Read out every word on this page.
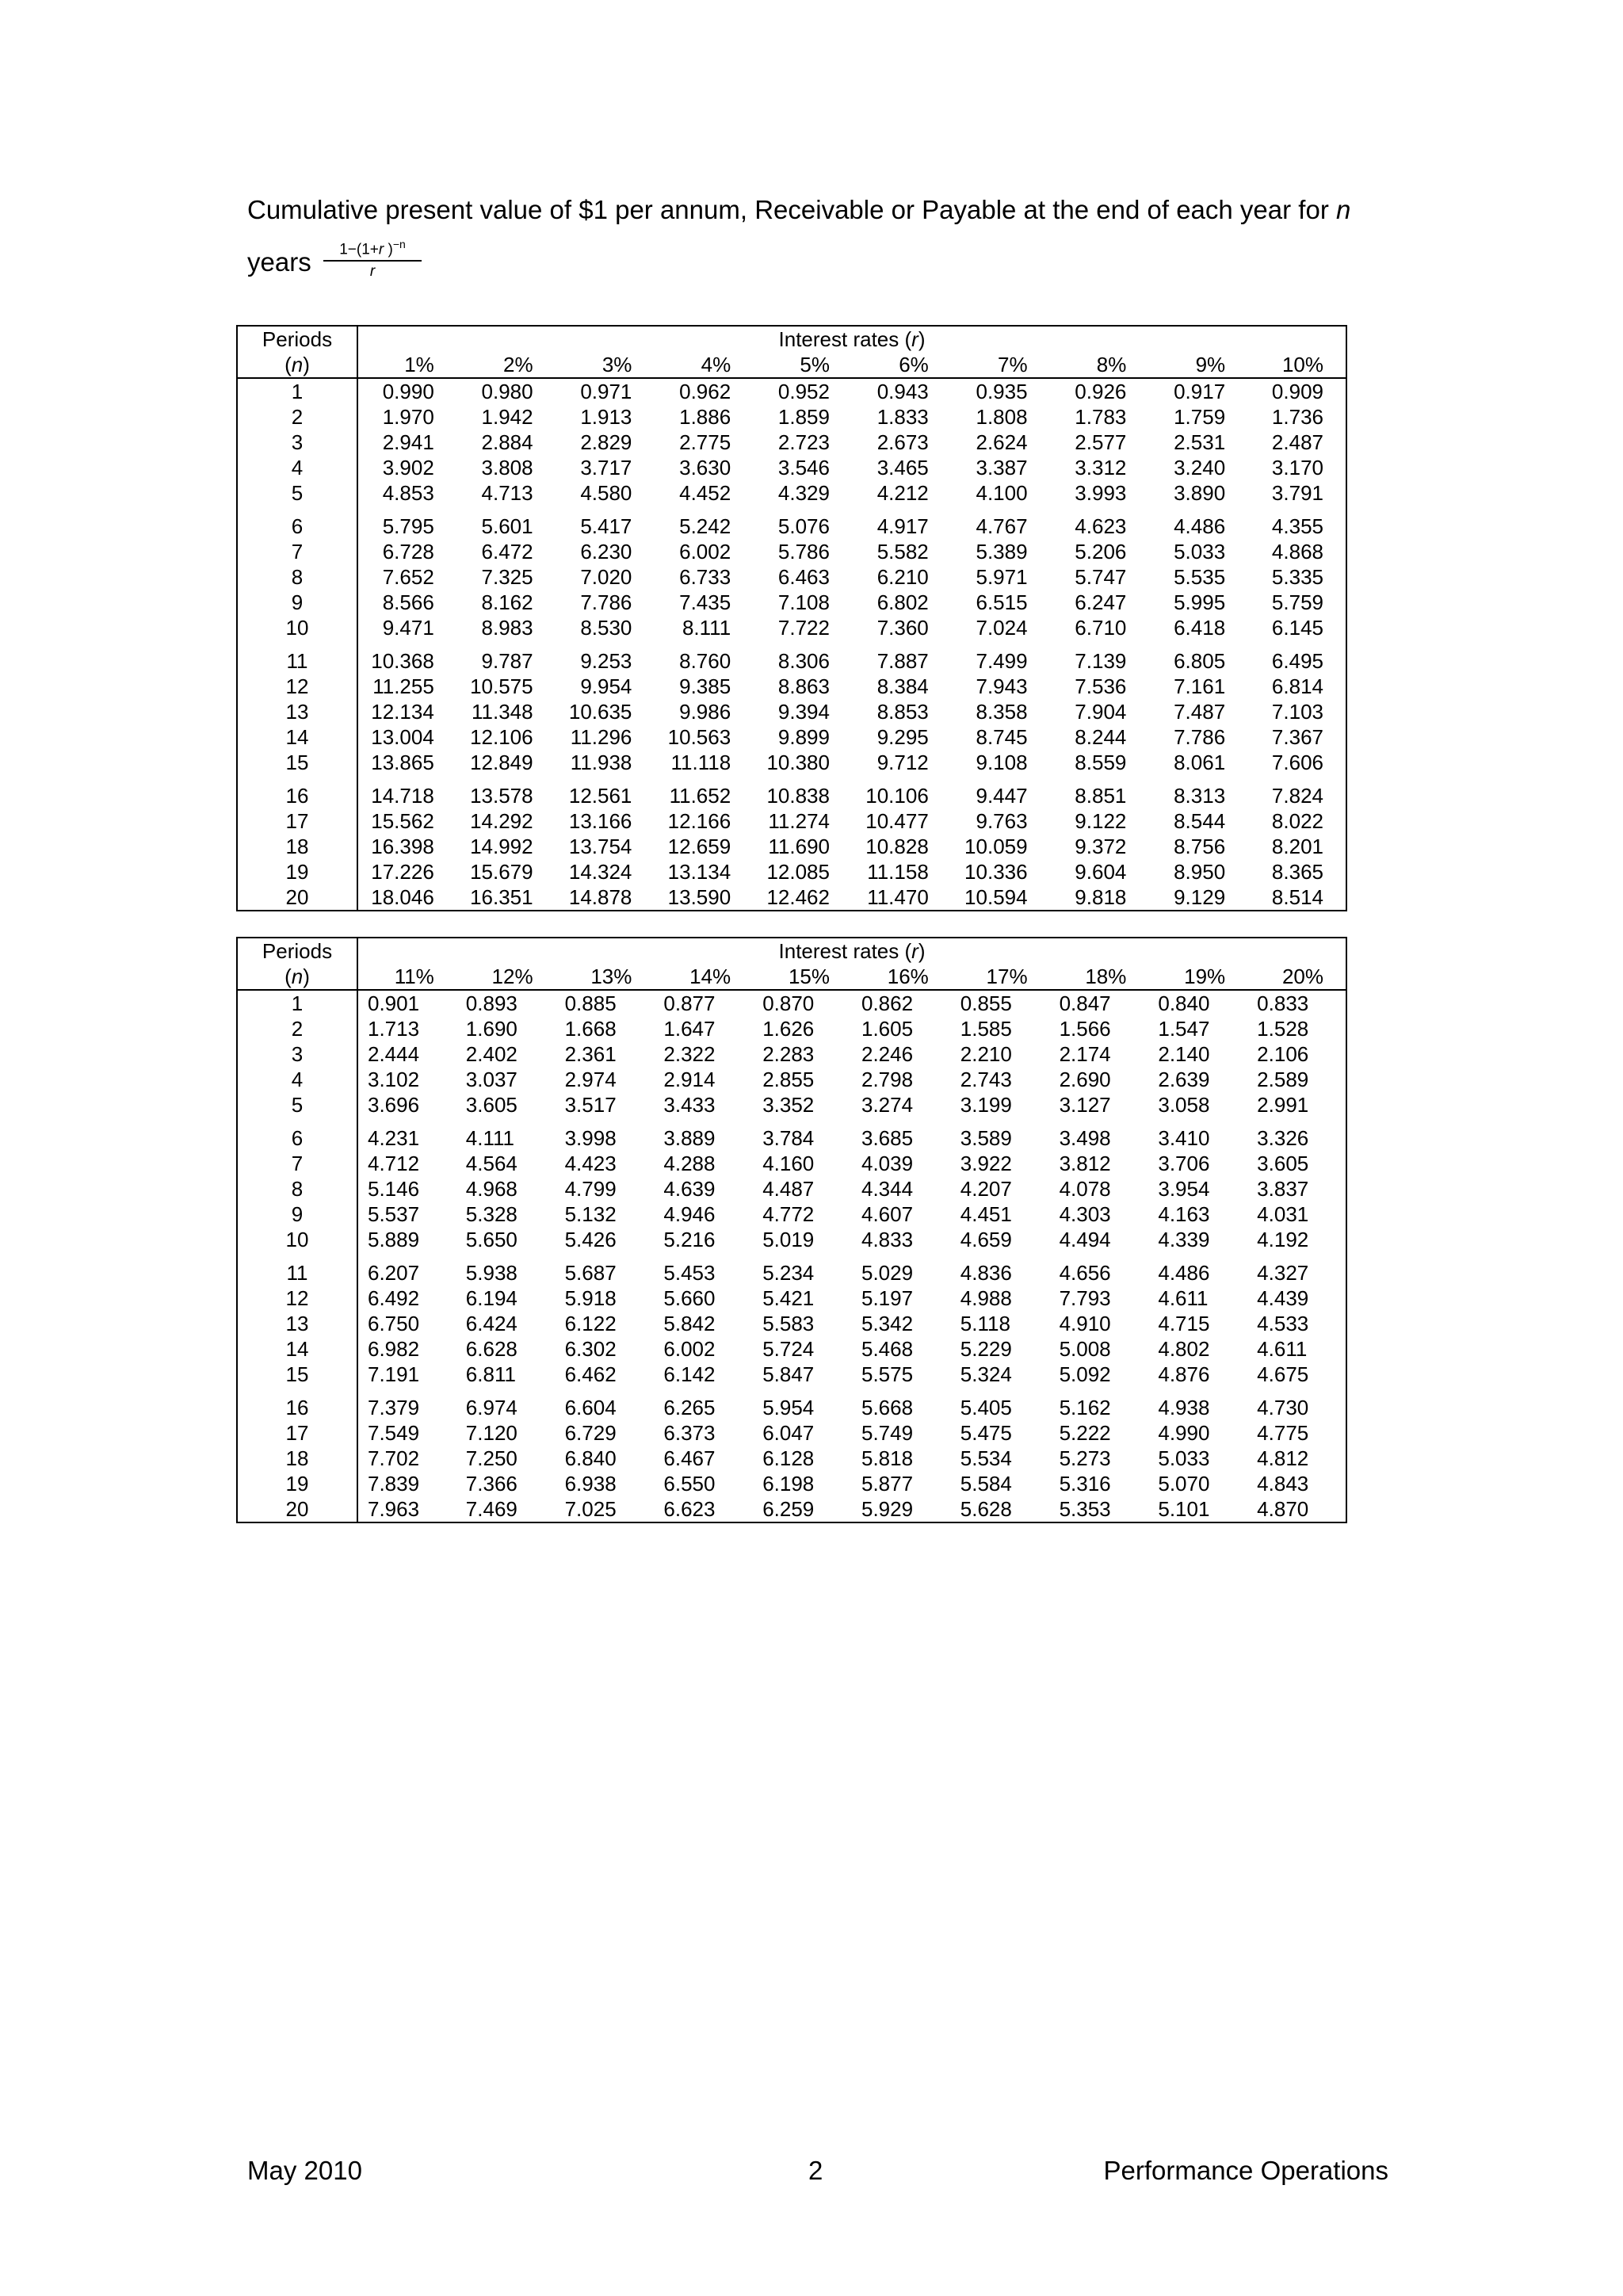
Cumulative present value of $1 per annum, Receivable or Payable at the end of each year for n
years $\frac{1-(1+r )^{-n}}{r}$
Periods	Interest rates (r)									
(n)	1%	2%	3%	4%	5%	6%	7%	8%	9%	10%
1	0.990	0.980	0.971	0.962	0.952	0.943	0.935	0.926	0.917	0.909
2	1.970	1.942	1.913	1.886	1.859	1.833	1.808	1.783	1.759	1.736
3	2.941	2.884	2.829	2.775	2.723	2.673	2.624	2.577	2.531	2.487
4	3.902	3.808	3.717	3.630	3.546	3.465	3.387	3.312	3.240	3.170
5	4.853	4.713	4.580	4.452	4.329	4.212	4.100	3.993	3.890	3.791
6	5.795	5.601	5.417	5.242	5.076	4.917	4.767	4.623	4.486	4.355
7	6.728	6.472	6.230	6.002	5.786	5.582	5.389	5.206	5.033	4.868
8	7.652	7.325	7.020	6.733	6.463	6.210	5.971	5.747	5.535	5.335
9	8.566	8.162	7.786	7.435	7.108	6.802	6.515	6.247	5.995	5.759
10	9.471	8.983	8.530	8.111	7.722	7.360	7.024	6.710	6.418	6.145
11	10.368	9.787	9.253	8.760	8.306	7.887	7.499	7.139	6.805	6.495
12	11.255	10.575	9.954	9.385	8.863	8.384	7.943	7.536	7.161	6.814
13	12.134	11.348	10.635	9.986	9.394	8.853	8.358	7.904	7.487	7.103
14	13.004	12.106	11.296	10.563	9.899	9.295	8.745	8.244	7.786	7.367
15	13.865	12.849	11.938	11.118	10.380	9.712	9.108	8.559	8.061	7.606
16	14.718	13.578	12.561	11.652	10.838	10.106	9.447	8.851	8.313	7.824
17	15.562	14.292	13.166	12.166	11.274	10.477	9.763	9.122	8.544	8.022
18	16.398	14.992	13.754	12.659	11.690	10.828	10.059	9.372	8.756	8.201
19	17.226	15.679	14.324	13.134	12.085	11.158	10.336	9.604	8.950	8.365
20	18.046	16.351	14.878	13.590	12.462	11.470	10.594	9.818	9.129	8.514
Periods	Interest rates (r)									
(n)	11%	12%	13%	14%	15%	16%	17%	18%	19%	20%
1	0.901	0.893	0.885	0.877	0.870	0.862	0.855	0.847	0.840	0.833
2	1.713	1.690	1.668	1.647	1.626	1.605	1.585	1.566	1.547	1.528
3	2.444	2.402	2.361	2.322	2.283	2.246	2.210	2.174	2.140	2.106
4	3.102	3.037	2.974	2.914	2.855	2.798	2.743	2.690	2.639	2.589
5	3.696	3.605	3.517	3.433	3.352	3.274	3.199	3.127	3.058	2.991
6	4.231	4.111	3.998	3.889	3.784	3.685	3.589	3.498	3.410	3.326
7	4.712	4.564	4.423	4.288	4.160	4.039	3.922	3.812	3.706	3.605
8	5.146	4.968	4.799	4.639	4.487	4.344	4.207	4.078	3.954	3.837
9	5.537	5.328	5.132	4.946	4.772	4.607	4.451	4.303	4.163	4.031
10	5.889	5.650	5.426	5.216	5.019	4.833	4.659	4.494	4.339	4.192
11	6.207	5.938	5.687	5.453	5.234	5.029	4.836	4.656	4.486	4.327
12	6.492	6.194	5.918	5.660	5.421	5.197	4.988	7.793	4.611	4.439
13	6.750	6.424	6.122	5.842	5.583	5.342	5.118	4.910	4.715	4.533
14	6.982	6.628	6.302	6.002	5.724	5.468	5.229	5.008	4.802	4.611
15	7.191	6.811	6.462	6.142	5.847	5.575	5.324	5.092	4.876	4.675
16	7.379	6.974	6.604	6.265	5.954	5.668	5.405	5.162	4.938	4.730
17	7.549	7.120	6.729	6.373	6.047	5.749	5.475	5.222	4.990	4.775
18	7.702	7.250	6.840	6.467	6.128	5.818	5.534	5.273	5.033	4.812
19	7.839	7.366	6.938	6.550	6.198	5.877	5.584	5.316	5.070	4.843
20	7.963	7.469	7.025	6.623	6.259	5.929	5.628	5.353	5.101	4.870
May 2010	2	Performance Operations
